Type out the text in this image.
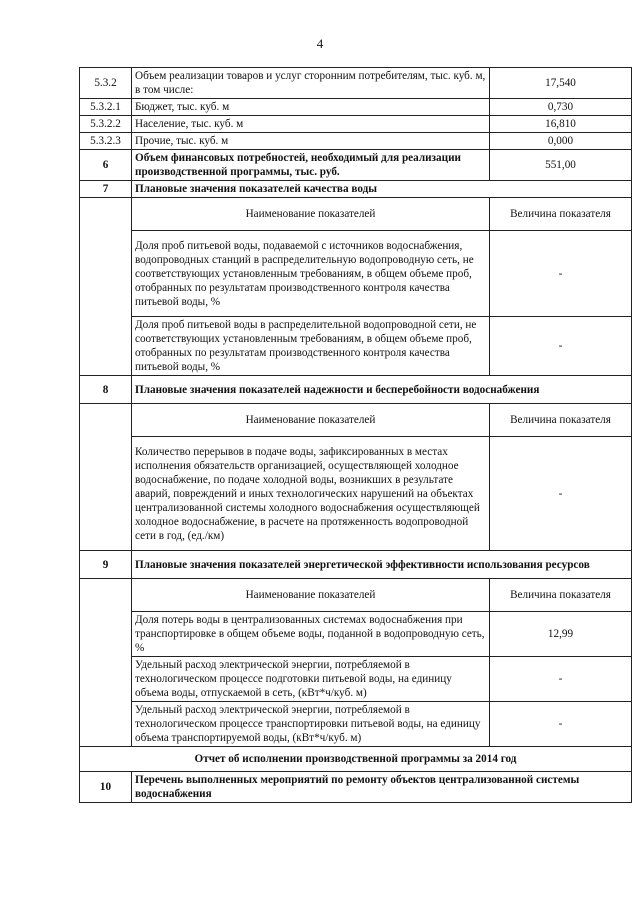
4
5.3.2	Объем реализации товаров и услуг сторонним потребителям, тыс. куб. м, в том числе:	17,540
5.3.2.1	Бюджет, тыс. куб. м	0,730
5.3.2.2	Население, тыс. куб. м	16,810
5.3.2.3	Прочие, тыс. куб. м	0,000
6	Объем финансовых потребностей, необходимый для реализации производственной программы, тыс. руб.	551,00
7	Плановые значения показателей качества воды	
	Наименование показателей	Величина показателя
	Доля проб питьевой воды, подаваемой с источников водоснабжения, водопроводных станций в распределительную водопроводную сеть, не соответствующих установленным требованиям, в общем объеме проб, отобранных по результатам производственного контроля качества питьевой воды, %	-
	Доля проб питьевой воды в распределительной водопроводной сети, не соответствующих установленным требованиям, в общем объеме проб, отобранных по результатам производственного контроля качества питьевой воды, %	-
8	Плановые значения показателей надежности и бесперебойности водоснабжения	
	Наименование показателей	Величина показателя
	Количество перерывов в подаче воды, зафиксированных в местах исполнения обязательств организацией, осуществляющей холодное водоснабжение, по подаче холодной воды, возникших в результате аварий, повреждений и иных технологических нарушений на объектах централизованной системы холодного водоснабжения осуществляющей холодное водоснабжение, в расчете на протяженность водопроводной сети в год, (ед./км)	-
9	Плановые значения показателей энергетической эффективности использования ресурсов	
	Наименование показателей	Величина показателя
	Доля потерь воды в централизованных системах водоснабжения при транспортировке в общем объеме воды, поданной в водопроводную сеть, %	12,99
	Удельный расход электрической энергии, потребляемой в технологическом процессе подготовки питьевой воды, на единицу объема воды, отпускаемой в сеть, (кВт*ч/куб. м)	-
	Удельный расход электрической энергии, потребляемой в технологическом процессе транспортировки питьевой воды, на единицу объема транспортируемой воды, (кВт*ч/куб. м)	-
Отчет об исполнении производственной программы за 2014 год		
10	Перечень выполненных мероприятий по ремонту объектов централизованной системы водоснабжения	
